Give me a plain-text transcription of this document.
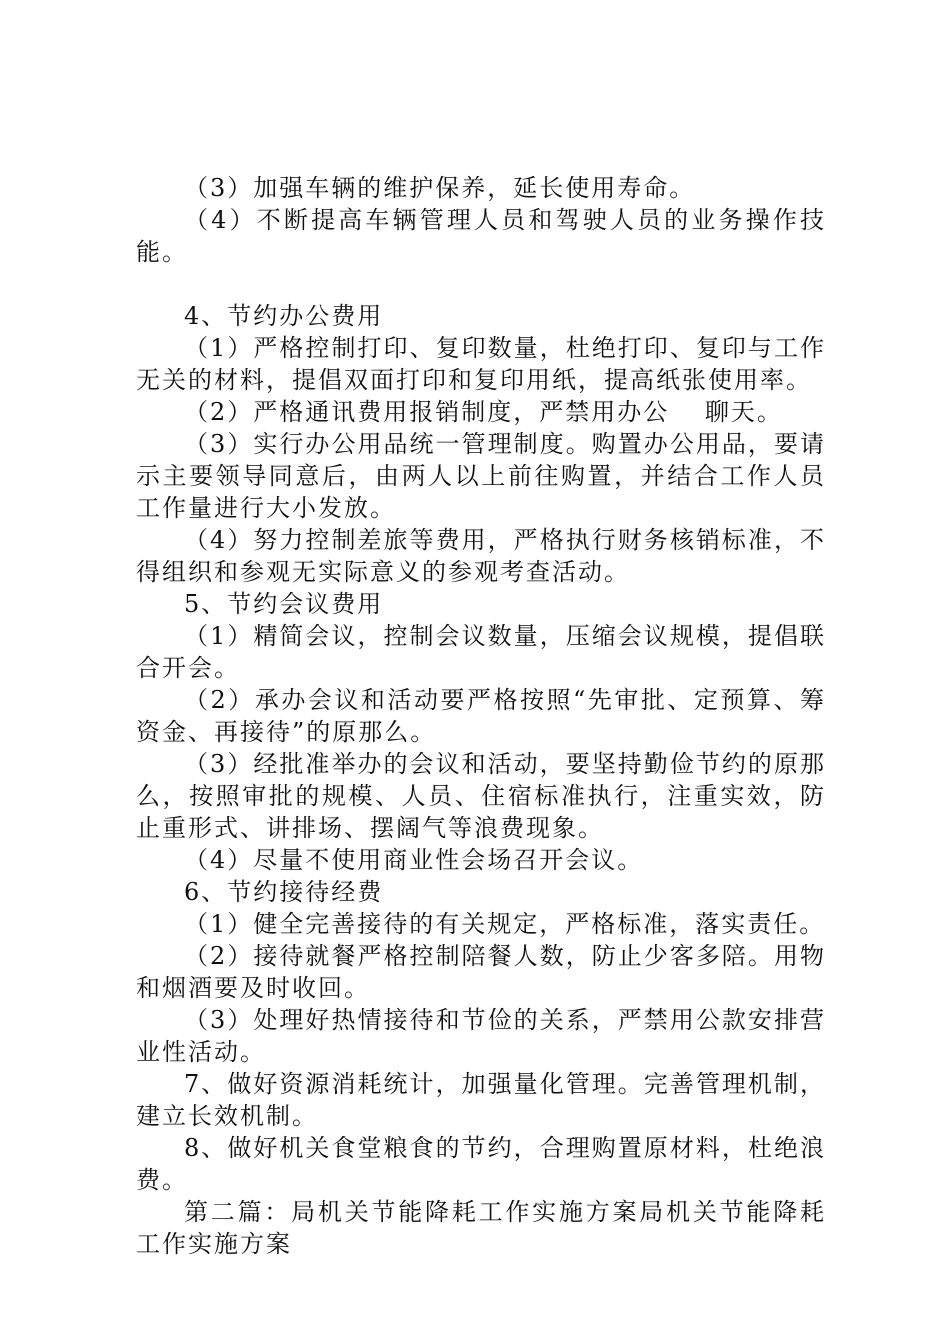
（3）加强车辆的维护保养，延长使用寿命。

（4）不断提高车辆管理人员和驾驶人员的业务操作技能。

4、节约办公费用

（1）严格控制打印、复印数量，杜绝打印、复印与工作无关的材料，提倡双面打印和复印用纸，提高纸张使用率。

（2）严格通讯费用报销制度，严禁用办公　 聊天。

（3）实行办公用品统一管理制度。购置办公用品，要请示主要领导同意后，由两人以上前往购置，并结合工作人员工作量进行大小发放。

（4）努力控制差旅等费用，严格执行财务核销标准，不得组织和参观无实际意义的参观考查活动。

5、节约会议费用

（1）精简会议，控制会议数量，压缩会议规模，提倡联合开会。

（2）承办会议和活动要严格按照“先审批、定预算、筹资金、再接待”的原那么。

（3）经批准举办的会议和活动，要坚持勤俭节约的原那么，按照审批的规模、人员、住宿标准执行，注重实效，防止重形式、讲排场、摆阔气等浪费现象。

（4）尽量不使用商业性会场召开会议。

6、节约接待经费

（1）健全完善接待的有关规定，严格标准，落实责任。

（2）接待就餐严格控制陪餐人数，防止少客多陪。用物和烟酒要及时收回。

（3）处理好热情接待和节俭的关系，严禁用公款安排营业性活动。

7、做好资源消耗统计，加强量化管理。完善管理机制，建立长效机制。

8、做好机关食堂粮食的节约，合理购置原材料，杜绝浪费。

第二篇：局机关节能降耗工作实施方案局机关节能降耗工作实施方案
